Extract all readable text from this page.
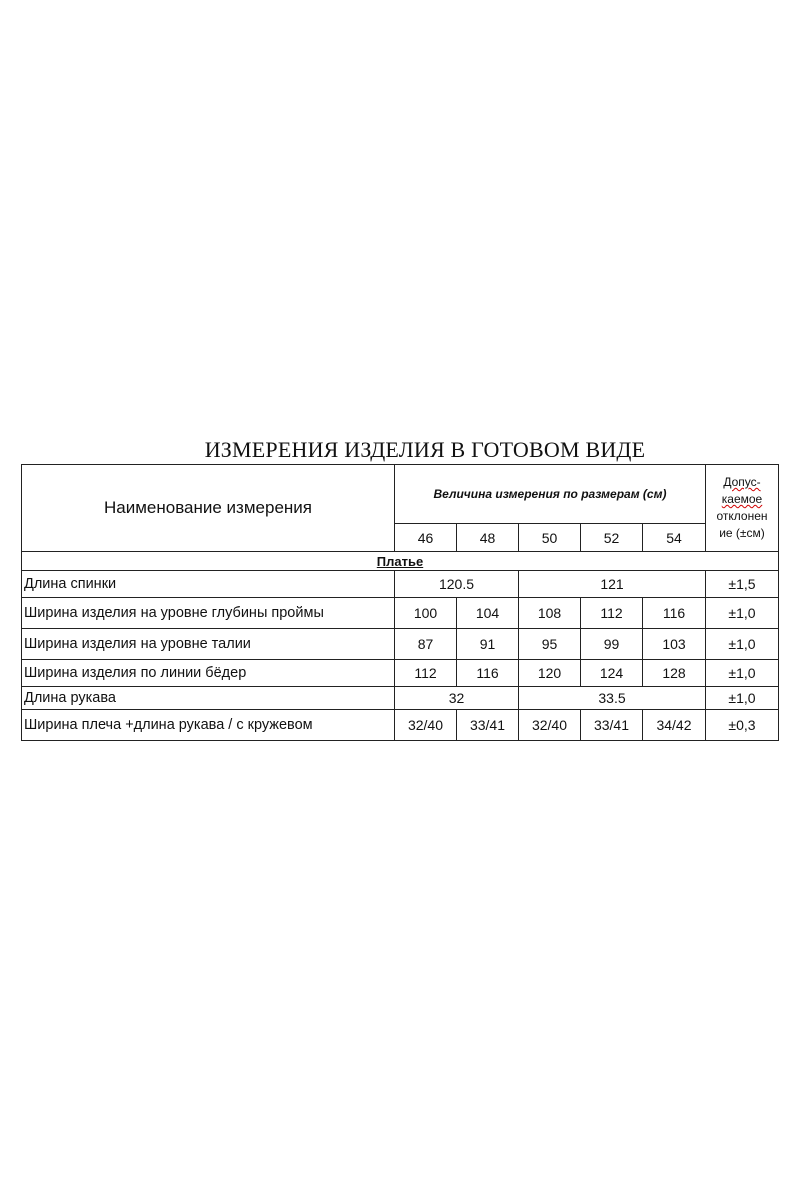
ИЗМЕРЕНИЯ ИЗДЕЛИЯ В ГОТОВОМ ВИДЕ
Наименование измерения	Величина измерения по размерам (см)					Допус-
каемое
отклонен
ие (±см)
	46	48	50	52	54	
Платье						
Длина спинки	120.5		121			±1,5
Ширина изделия на уровне глубины проймы	100	104	108	112	116	±1,0
Ширина изделия на уровне талии	87	91	95	99	103	±1,0
Ширина изделия по линии бёдер	112	116	120	124	128	±1,0
Длина рукава	32		33.5			±1,0
Ширина плеча +длина рукава / с кружевом	32/40	33/41	32/40	33/41	34/42	±0,3
